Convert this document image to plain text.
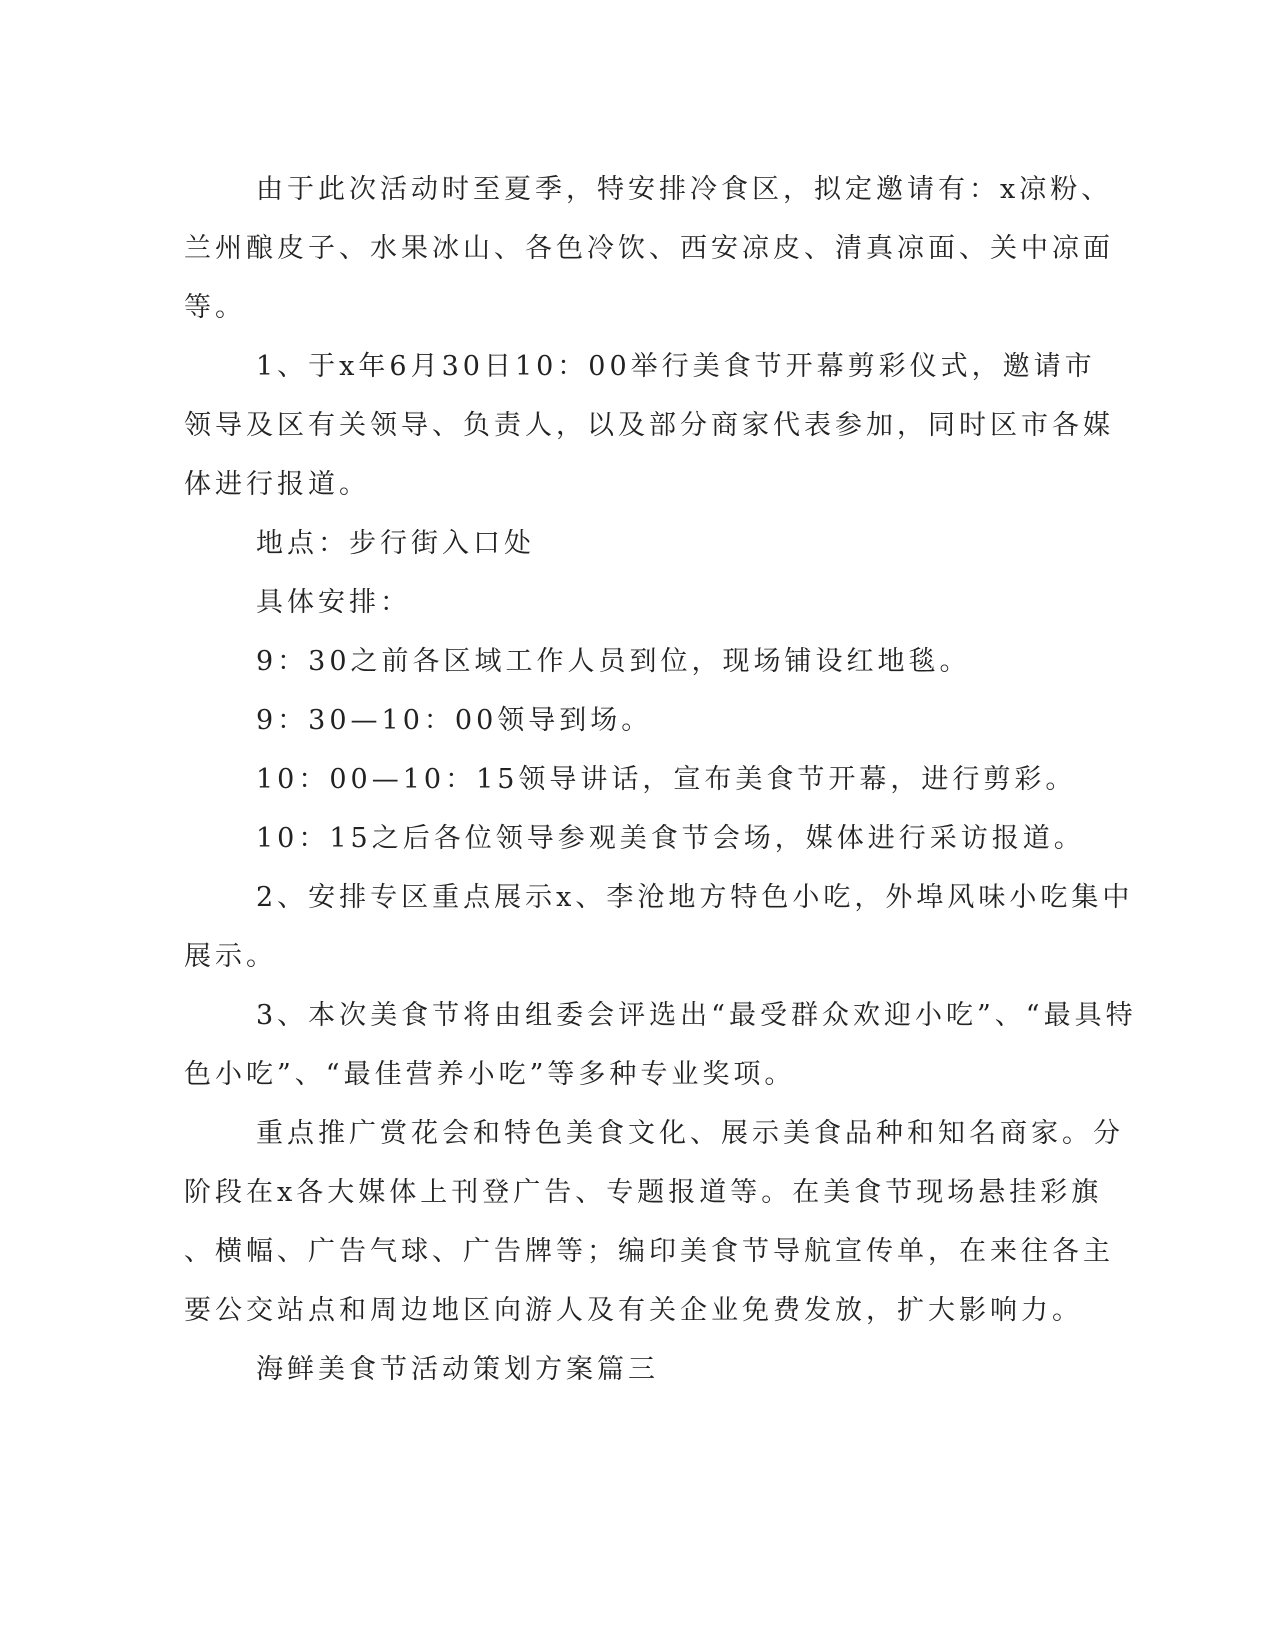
由于此次活动时至夏季，特安排冷食区，拟定邀请有：x凉粉、

兰州酿皮子、水果冰山、各色冷饮、西安凉皮、清真凉面、关中凉面

等。

1、于x年6月30日10：00举行美食节开幕剪彩仪式，邀请市

领导及区有关领导、负责人，以及部分商家代表参加，同时区市各媒

体进行报道。

地点：步行街入口处

具体安排：

9：30之前各区域工作人员到位，现场铺设红地毯。

9：30—10：00领导到场。

10：00—10：15领导讲话，宣布美食节开幕，进行剪彩。

10：15之后各位领导参观美食节会场，媒体进行采访报道。

2、安排专区重点展示x、李沧地方特色小吃，外埠风味小吃集中

展示。

3、本次美食节将由组委会评选出“最受群众欢迎小吃”、“最具特

色小吃”、“最佳营养小吃”等多种专业奖项。

重点推广赏花会和特色美食文化、展示美食品种和知名商家。分

阶段在x各大媒体上刊登广告、专题报道等。在美食节现场悬挂彩旗

、横幅、广告气球、广告牌等；编印美食节导航宣传单，在来往各主

要公交站点和周边地区向游人及有关企业免费发放，扩大影响力。

海鲜美食节活动策划方案篇三
